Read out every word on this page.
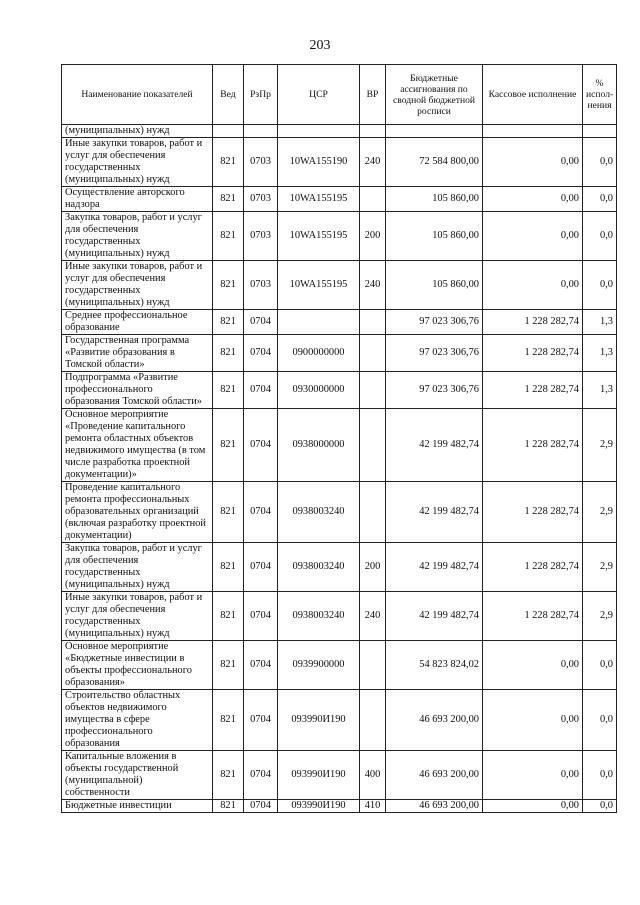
203
Наименование показателей	Вед	РзПр	ЦСР	ВР	Бюджетные ассигнования по сводной бюджетной росписи	Кассовое исполнение	% испол-нения
(муниципальных) нужд							
Иные закупки товаров, работ и услуг для обеспечения государственных (муниципальных) нужд	821	0703	10WA155190	240	72 584 800,00	0,00	0,0
Осуществление авторского надзора	821	0703	10WA155195		105 860,00	0,00	0,0
Закупка товаров, работ и услуг для обеспечения государственных (муниципальных) нужд	821	0703	10WA155195	200	105 860,00	0,00	0,0
Иные закупки товаров, работ и услуг для обеспечения государственных (муниципальных) нужд	821	0703	10WA155195	240	105 860,00	0,00	0,0
Среднее профессиональное образование	821	0704			97 023 306,76	1 228 282,74	1,3
Государственная программа «Развитие образования в Томской области»	821	0704	0900000000		97 023 306,76	1 228 282,74	1,3
Подпрограмма «Развитие профессионального образования Томской области»	821	0704	0930000000		97 023 306,76	1 228 282,74	1,3
Основное мероприятие «Проведение капитального ремонта областных объектов недвижимого имущества (в том числе разработка проектной документации)»	821	0704	0938000000		42 199 482,74	1 228 282,74	2,9
Проведение капитального ремонта профессиональных образовательных организаций (включая разработку проектной документации)	821	0704	0938003240		42 199 482,74	1 228 282,74	2,9
Закупка товаров, работ и услуг для обеспечения государственных (муниципальных) нужд	821	0704	0938003240	200	42 199 482,74	1 228 282,74	2,9
Иные закупки товаров, работ и услуг для обеспечения государственных (муниципальных) нужд	821	0704	0938003240	240	42 199 482,74	1 228 282,74	2,9
Основное мероприятие «Бюджетные инвестиции в объекты профессионального образования»	821	0704	0939900000		54 823 824,02	0,00	0,0
Строительство областных объектов недвижимого имущества в сфере профессионального образования	821	0704	093990И190		46 693 200,00	0,00	0,0
Капитальные вложения в объекты государственной (муниципальной) собственности	821	0704	093990И190	400	46 693 200,00	0,00	0,0
Бюджетные инвестиции	821	0704	093990И190	410	46 693 200,00	0,00	0,0
